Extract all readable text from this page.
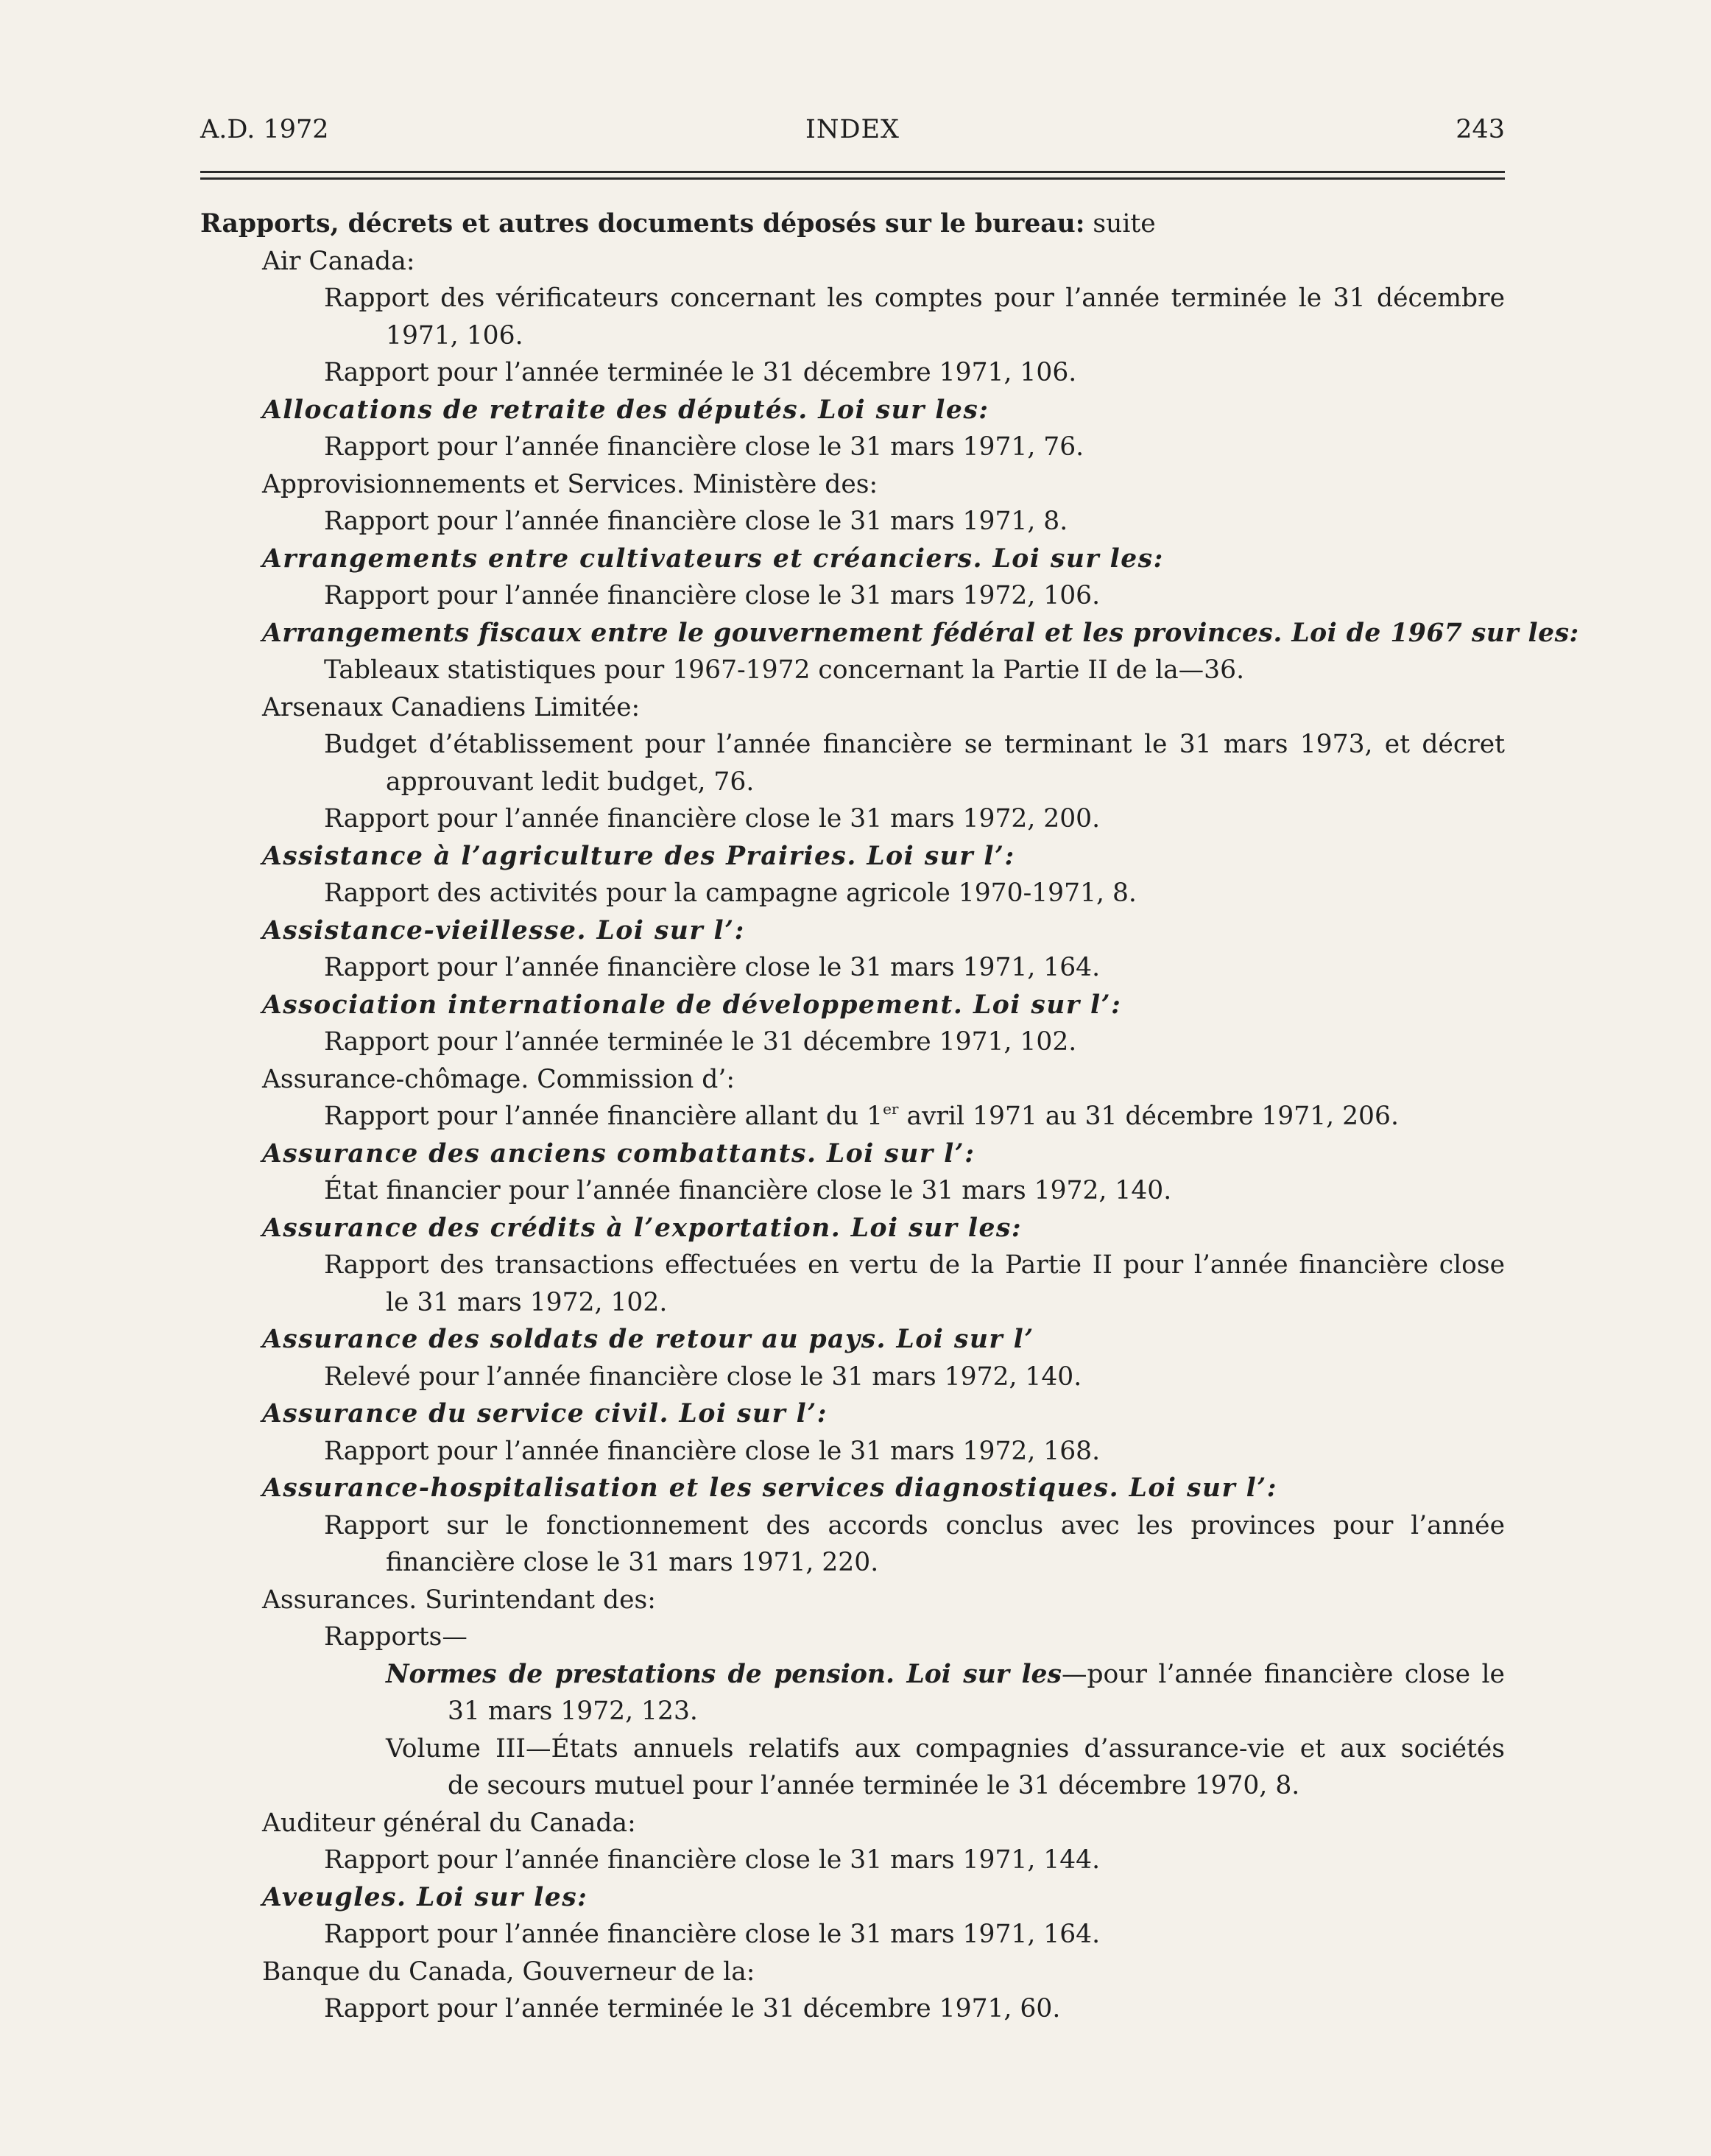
A.D. 1972	INDEX	243
Rapports, décrets et autres documents déposés sur le bureau: suite
Air Canada:
Rapport des vérificateurs concernant les comptes pour l’année terminée le 31 décembre
1971, 106.
Rapport pour l’année terminée le 31 décembre 1971, 106.
Allocations de retraite des députés. Loi sur les:
Rapport pour l’année financière close le 31 mars 1971, 76.
Approvisionnements et Services. Ministère des:
Rapport pour l’année financière close le 31 mars 1971, 8.
Arrangements entre cultivateurs et créanciers. Loi sur les:
Rapport pour l’année financière close le 31 mars 1972, 106.
Arrangements fiscaux entre le gouvernement fédéral et les provinces. Loi de 1967 sur les:
Tableaux statistiques pour 1967-1972 concernant la Partie II de la—36.
Arsenaux Canadiens Limitée:
Budget d’établissement pour l’année financière se terminant le 31 mars 1973, et décret
approuvant ledit budget, 76.
Rapport pour l’année financière close le 31 mars 1972, 200.
Assistance à l’agriculture des Prairies. Loi sur l’:
Rapport des activités pour la campagne agricole 1970-1971, 8.
Assistance-vieillesse. Loi sur l’:
Rapport pour l’année financière close le 31 mars 1971, 164.
Association internationale de développement. Loi sur l’:
Rapport pour l’année terminée le 31 décembre 1971, 102.
Assurance-chômage. Commission d’:
Rapport pour l’année financière allant du 1er avril 1971 au 31 décembre 1971, 206.
Assurance des anciens combattants. Loi sur l’:
État financier pour l’année financière close le 31 mars 1972, 140.
Assurance des crédits à l’exportation. Loi sur les:
Rapport des transactions effectuées en vertu de la Partie II pour l’année financière close
le 31 mars 1972, 102.
Assurance des soldats de retour au pays. Loi sur l’
Relevé pour l’année financière close le 31 mars 1972, 140.
Assurance du service civil. Loi sur l’:
Rapport pour l’année financière close le 31 mars 1972, 168.
Assurance-hospitalisation et les services diagnostiques. Loi sur l’:
Rapport sur le fonctionnement des accords conclus avec les provinces pour l’année
financière close le 31 mars 1971, 220.
Assurances. Surintendant des:
Rapports—
Normes de prestations de pension. Loi sur les—pour l’année financière close le
31 mars 1972, 123.
Volume III—États annuels relatifs aux compagnies d’assurance-vie et aux sociétés
de secours mutuel pour l’année terminée le 31 décembre 1970, 8.
Auditeur général du Canada:
Rapport pour l’année financière close le 31 mars 1971, 144.
Aveugles. Loi sur les:
Rapport pour l’année financière close le 31 mars 1971, 164.
Banque du Canada, Gouverneur de la:
Rapport pour l’année terminée le 31 décembre 1971, 60.
